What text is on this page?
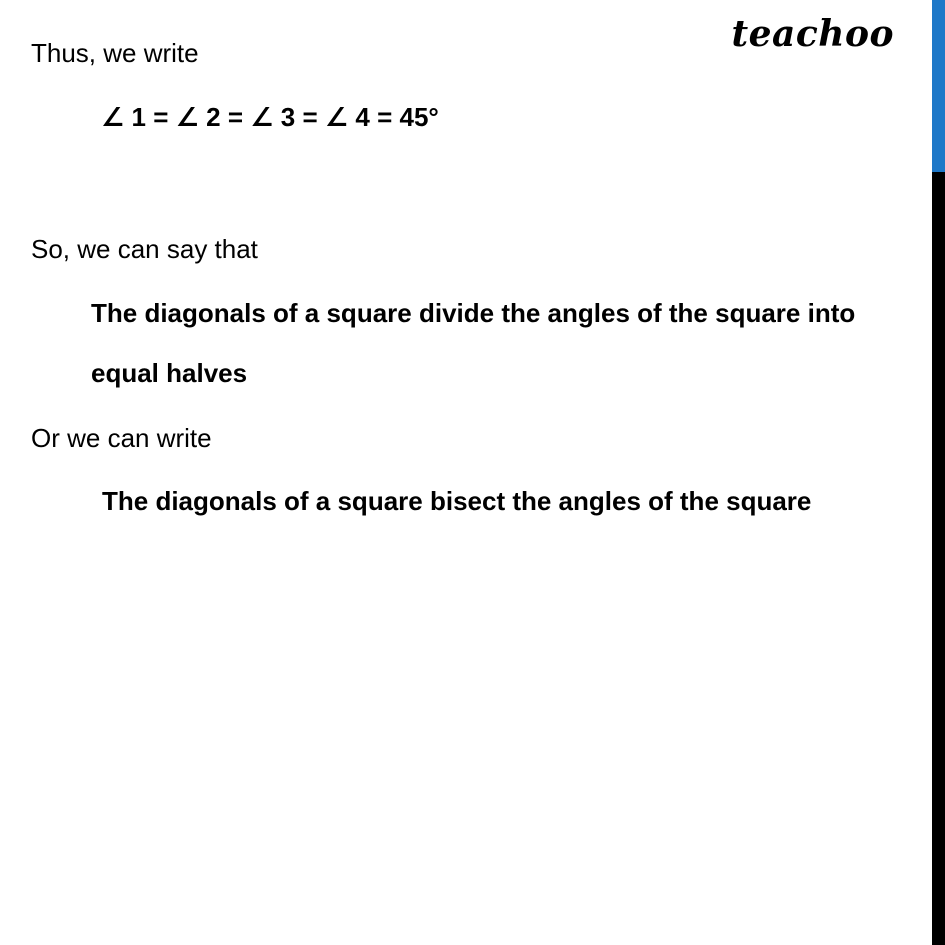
teachoo
Thus, we write
∠ 1 = ∠ 2 = ∠ 3 = ∠ 4 = 45°
So, we can say that
The diagonals of a square divide the angles of the square into
equal halves
Or we can write
The diagonals of a square bisect the angles of the square
